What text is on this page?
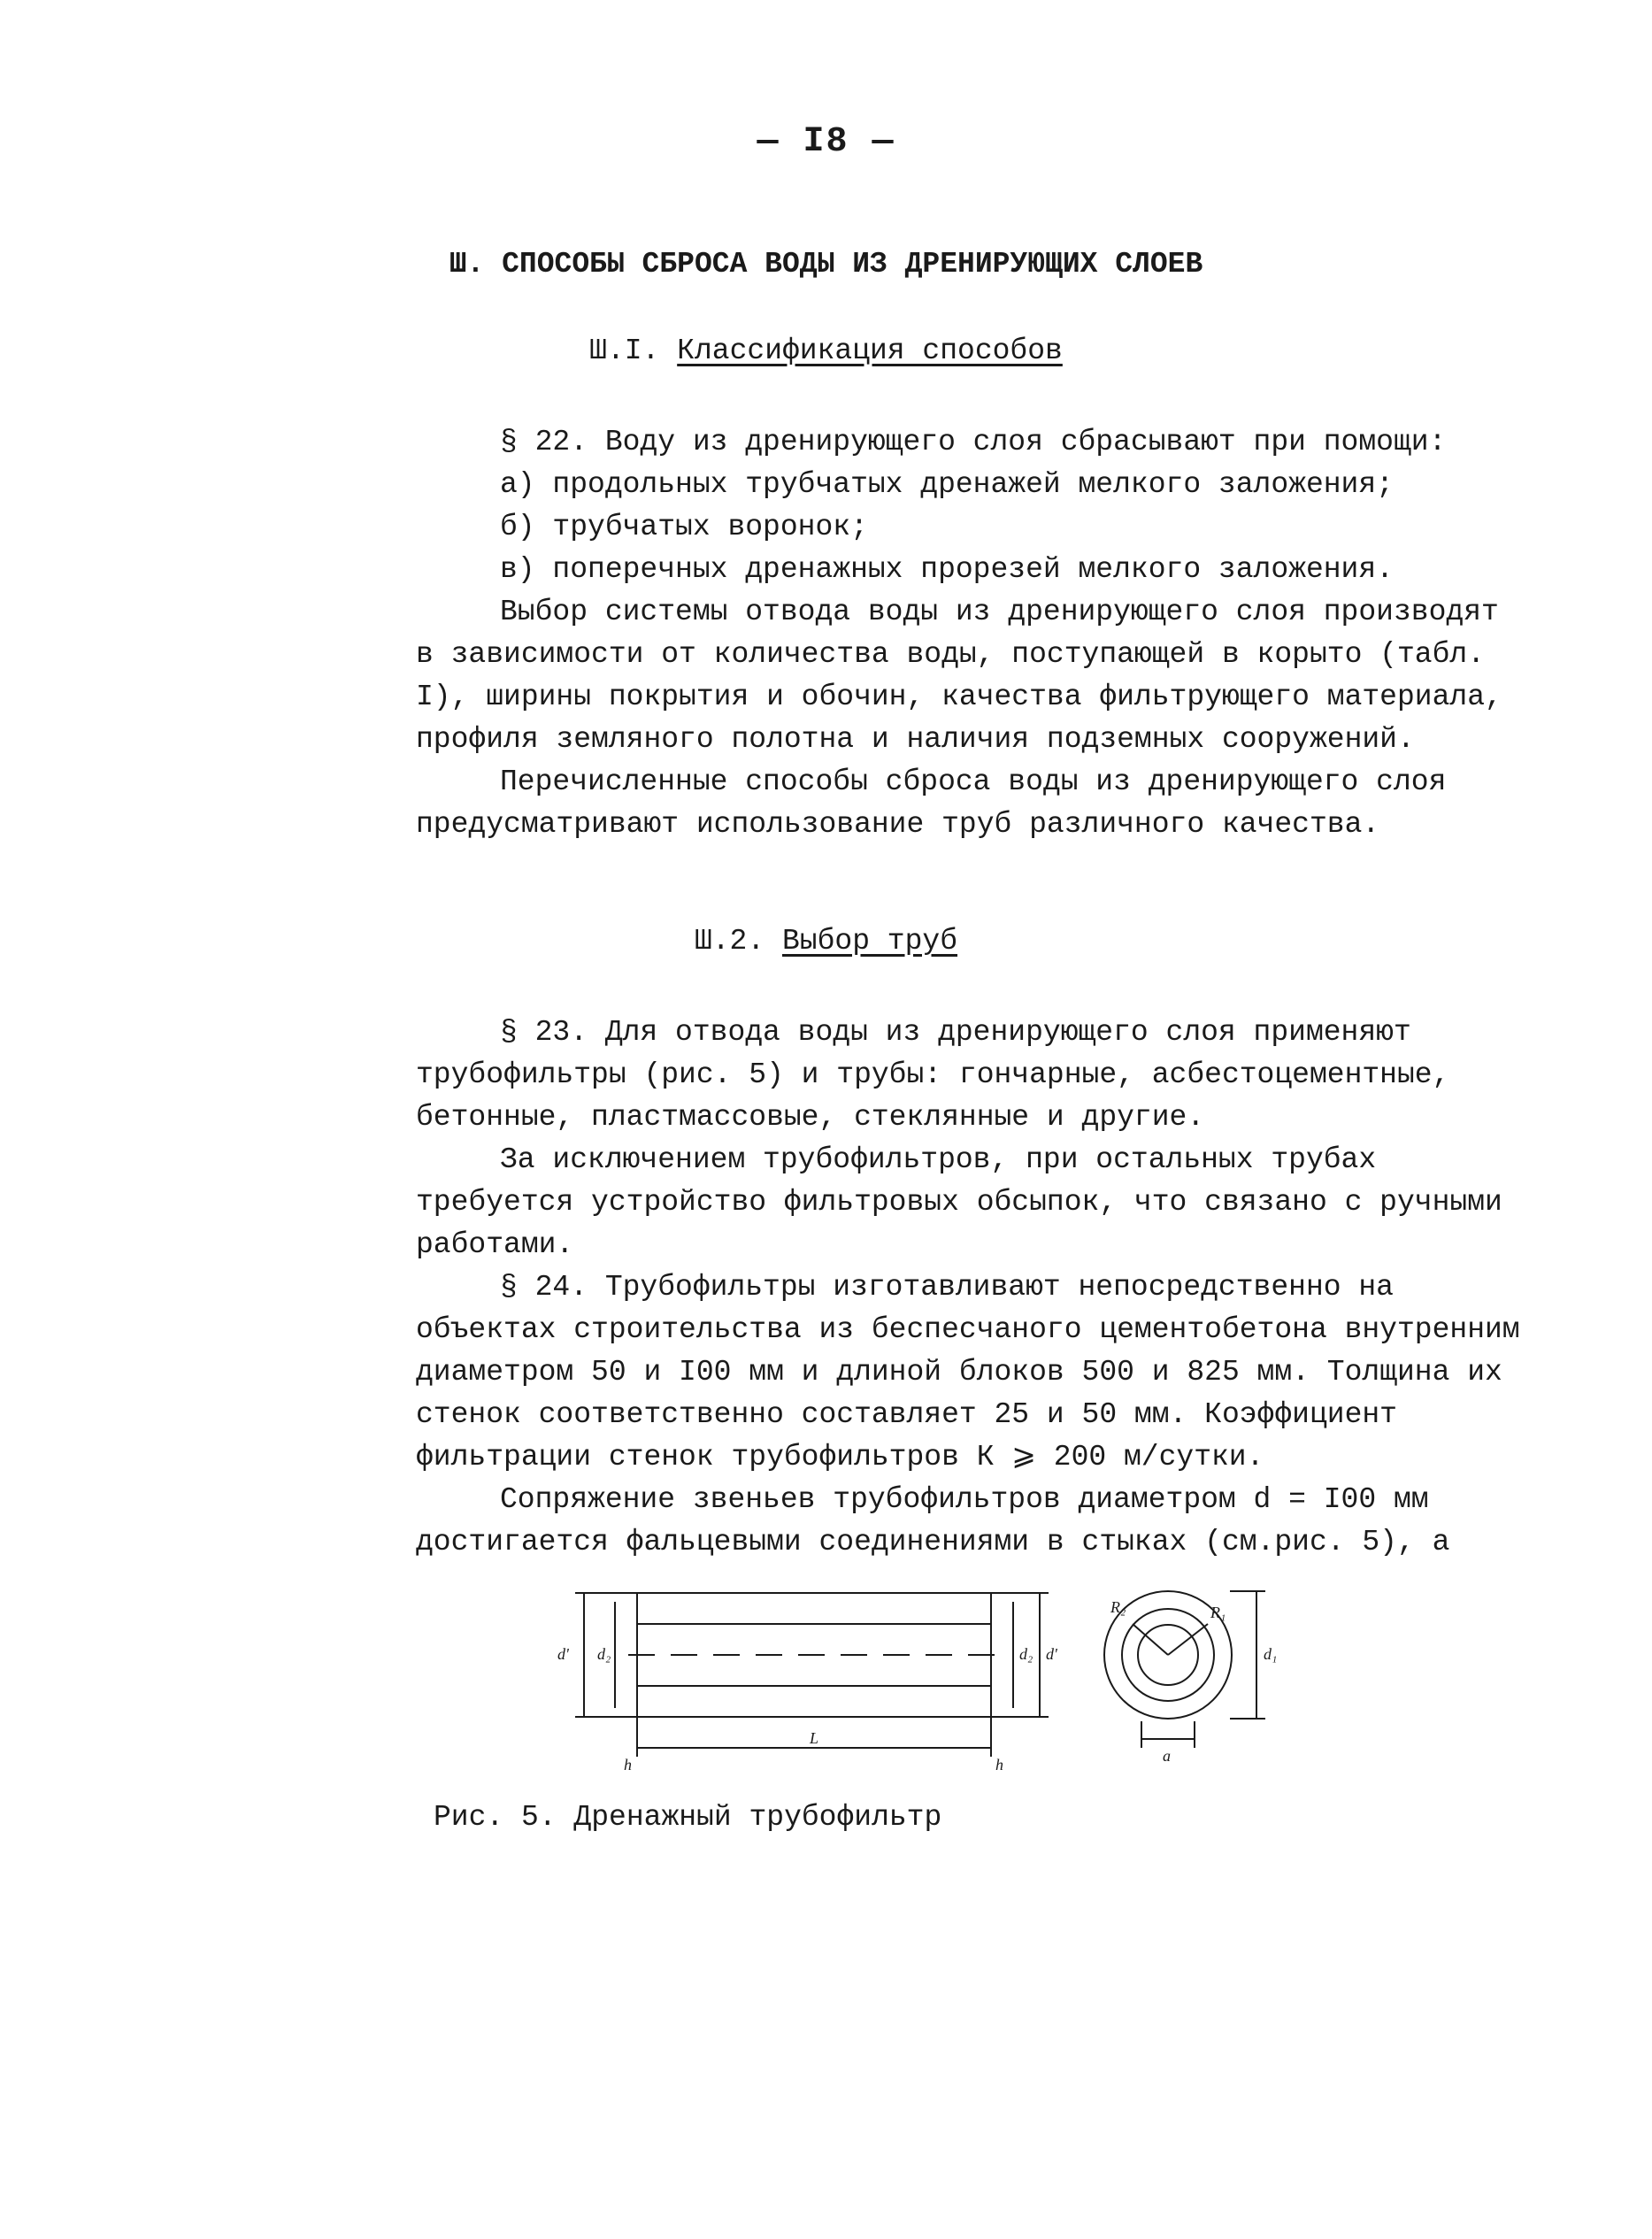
— I8 —
Ш. СПОСОБЫ СБРОСА ВОДЫ ИЗ ДРЕНИРУЮЩИХ СЛОЕВ
Ш.I. Классификация способов

§ 22. Воду из дренирующего слоя сбрасывают при помощи:

а) продольных трубчатых дренажей мелкого заложения;

б) трубчатых воронок;

в) поперечных дренажных прорезей мелкого заложения.

Выбор системы отвода воды из дренирующего слоя производят в зависимости от количества воды, поступающей в корыто (табл. I), ширины покрытия и обочин, качества фильтрующего материала, профиля земляного полотна и наличия подземных сооружений.

Перечисленные способы сброса воды из дренирующего слоя предусматривают использование труб различного качества.

Ш.2. Выбор труб

§ 23. Для отвода воды из дренирующего слоя применяют трубофильтры (рис. 5) и трубы: гончарные, асбестоцементные, бетонные, пластмассовые, стеклянные и другие.

За исключением трубофильтров, при остальных трубах требуется устройство фильтровых обсыпок, что связано с ручными работами.

§ 24. Трубофильтры изготавливают непосредственно на объектах строительства из беспесчаного цементобетона внутренним диаметром 50 и I00 мм и длиной блоков 500 и 825 мм. Толщина их стенок соответственно составляет 25 и 50 мм. Коэффициент фильтрации стенок трубофильтров К ⩾ 200 м/сутки.

Сопряжение звеньев трубофильтров диаметром d = I00 мм достигается фальцевыми соединениями в стыках (см.рис. 5), а

d' d₂
L
h	h
d₂ d'
R₂	R₁
d₁
a
Рис. 5. Дренажный трубофильтр
